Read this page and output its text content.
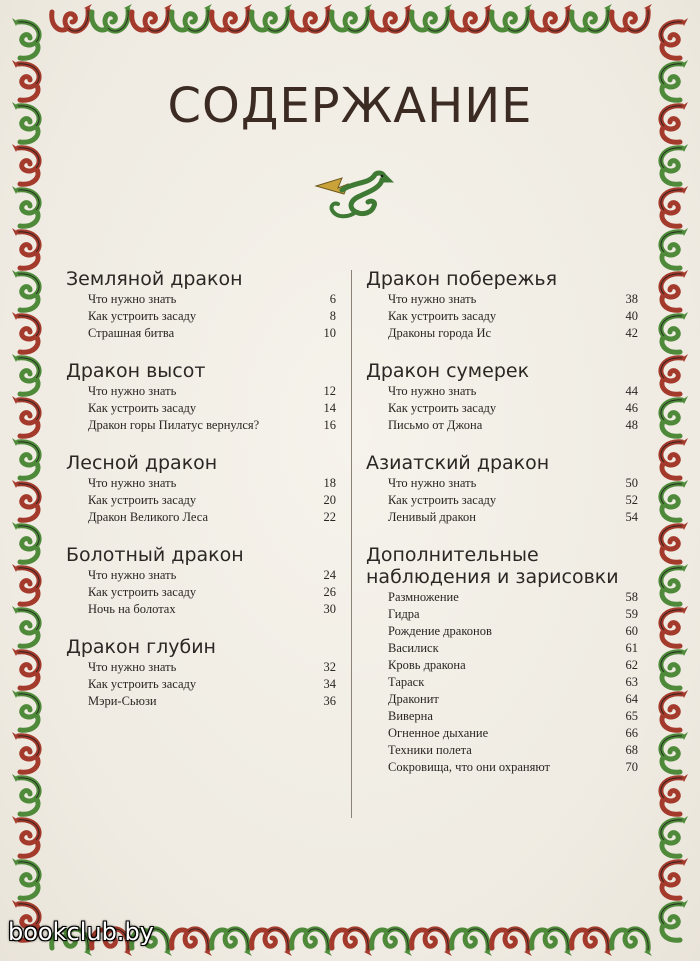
СОДЕРЖАНИЕ
Земляной дракон
Что нужно знать	6
Как устроить засаду	8
Страшная битва	10
Дракон высот
Что нужно знать	12
Как устроить засаду	14
Дракон горы Пилатус вернулся?	16
Лесной дракон
Что нужно знать	18
Как устроить засаду	20
Дракон Великого Леса	22
Болотный дракон
Что нужно знать	24
Как устроить засаду	26
Ночь на болотах	30
Дракон глубин
Что нужно знать	32
Как устроить засаду	34
Мэри-Сьюзи	36
Дракон побережья
Что нужно знать	38
Как устроить засаду	40
Драконы города Ис	42
Дракон сумерек
Что нужно знать	44
Как устроить засаду	46
Письмо от Джона	48
Азиатский дракон
Что нужно знать	50
Как устроить засаду	52
Ленивый дракон	54
Дополнительные
наблюдения и зарисовки
Размножение	58
Гидра	59
Рождение драконов	60
Василиск	61
Кровь дракона	62
Тараск	63
Драконит	64
Виверна	65
Огненное дыхание	66
Техники полета	68
Сокровища, что они охраняют	70
bookclub.by
